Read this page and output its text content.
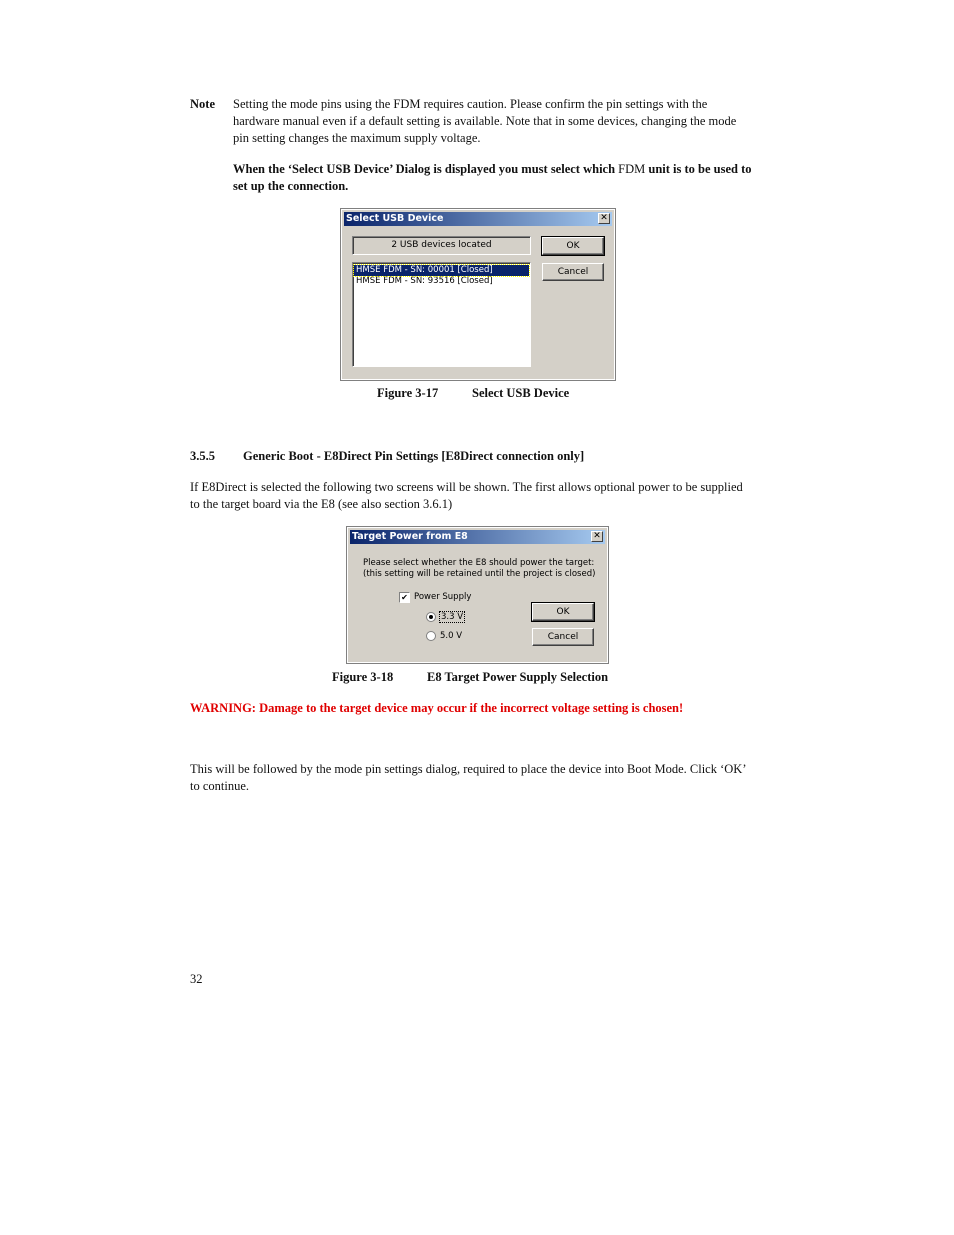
Note Setting the mode pins using the FDM requires caution. Please confirm the pin settings with the hardware manual even if a default setting is available. Note that in some devices, changing the mode pin setting changes the maximum supply voltage.
When the ‘Select USB Device’ Dialog is displayed you must select which FDM unit is to be used to set up the connection.
Select USB Device	✕
2 USB devices located	OK
Cancel
HMSE FDM - SN: 00001 [Closed]
HMSE FDM - SN: 93516 [Closed]
Figure 3-17	Select USB Device
3.5.5 Generic Boot - E8Direct Pin Settings [E8Direct connection only]
If E8Direct is selected the following two screens will be shown. The first allows optional power to be supplied to the target board via the E8 (see also section 3.6.1)
Target Power from E8	✕
Please select whether the E8 should power the target:
(this setting will be retained until the project is closed)
✔ Power Supply
3.3 V
5.0 V
OK
Cancel
Figure 3-18	E8 Target Power Supply Selection
WARNING: Damage to the target device may occur if the incorrect voltage setting is chosen!
This will be followed by the mode pin settings dialog, required to place the device into Boot Mode. Click ‘OK’ to continue.
32
